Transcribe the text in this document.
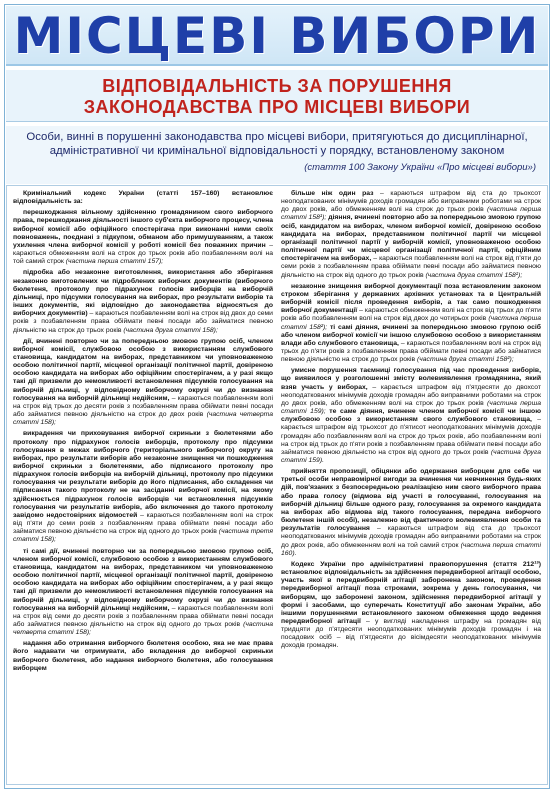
МІСЦЕВІ ВИБОРИ
ВІДПОВІДАЛЬНІСТЬ ЗА ПОРУШЕННЯ
ЗАКОНОДАВСТВА ПРО МІСЦЕВІ ВИБОРИ
Особи, винні в порушенні законодавства про місцеві вибори, притягуються до дисциплінарної, адміністративної чи кримінальної відповідальності у порядку, встановленому законом
(стаття 100 Закону України «Про місцеві вибори»)

Кримінальний кодекс України (статті 157–160) встановлює відповідальність за:

перешкоджання вільному здійсненню громадянином свого виборчого права, перешкоджання діяльності іншого суб'єкта виборчого процесу, члена виборчої комісії або офіційного спостерігача при виконанні ними своїх повноважень, поєднані з підкупом, обманом або примушуванням, а також ухилення члена виборчої комісії у роботі комісії без поважних причин – караються обмеженням волі на строк до трьох років або позбавленням волі на той самий строк (частина перша статті 157);

підробка або незаконне виготовлення, використання або зберігання незаконно виготовлених чи підроблених виборчих документів (виборчого бюлетеня, протоколу про підрахунок голосів виборців на виборчій дільниці, про підсумки голосування на виборах, про результати виборів та інших документів, які відповідно до законодавства відносяться до виборчих документів) – караються позбавленням волі на строк від двох до семи років з позбавленням права обіймати певні посади або займатися певною діяльністю на строк до трьох років (частина друга статті 158);

дії, вчинені повторно чи за попередньою змовою групою осіб, членом виборчої комісії, службовою особою з використанням службового становища, кандидатом на виборах, представником чи уповноваженою особою політичної партії, місцевої організації політичної партії, довіреною особою кандидата на виборах або офіційним спостерігачем, а у разі якщо такі дії призвели до неможливості встановлення підсумків голосування на виборчій дільниці, у відповідному виборчому окрузі чи до визнання голосування на виборчій дільниці недійсним, – караються позбавленням волі на строк від трьох до десяти років з позбавленням права обіймати певні посади або займатися певною діяльністю на строк до двох років (частина четверта статті 158);

викрадення чи приховування виборчої скриньки з бюлетенями або протоколу про підрахунок голосів виборців, протоколу про підсумки голосування в межах виборчого (територіального виборчого) округу на виборах, про результати виборів або незаконне знищення чи пошкодження виборчої скриньки з бюлетенями, або підписаного протоколу про підрахунок голосів виборців на виборчій дільниці, протоколу про підсумки голосування чи результати виборів до його підписання, або складення чи підписання такого протоколу не на засіданні виборчої комісії, на якому здійснюється підрахунок голосів виборців чи встановлення підсумків голосування чи результатів виборів, або включення до такого протоколу завідомо недостовірних відомостей – караються позбавленням волі на строк від п'яти до семи років з позбавленням права обіймати певні посади або займатися певною діяльністю на строк від одного до трьох років (частина третя статті 158);

ті самі дії, вчинені повторно чи за попередньою змовою групою осіб, членом виборчої комісії, службовою особою з використанням службового становища, кандидатом на виборах, представником чи уповноваженою особою політичної партії, місцевої організації політичної партії, довіреною особою кандидата на виборах або офіційним спостерігачем, а у разі якщо такі дії призвели до неможливості встановлення підсумків голосування на виборчій дільниці, у відповідному виборчому окрузі чи до визнання голосування на виборчій дільниці недійсним, – караються позбавленням волі на строк від семи до десяти років з позбавленням права обіймати певні посади або займатися певною діяльністю на строк від одного до трьох років (частина четверта статті 158);

надання або отримання виборчого бюлетеня особою, яка не має права його надавати чи отримувати, або вкладення до виборчої скриньки виборчого бюлетеня, або надання виборчого бюлетеня, або голосування виборцем

більше ніж один раз – караються штрафом від ста до трьохсот неоподаткованих мінімумів доходів громадян або виправними роботами на строк до двох років, або обмеженням волі на строк до трьох років (частина перша статті 158¹); діяння, вчинені повторно або за попередньою змовою групою осіб, кандидатом на виборах, членом виборчої комісії, довіреною особою кандидата на виборах, представником політичної партії чи місцевої організації політичної партії у виборчій комісії, уповноваженою особою політичної партії чи місцевої організації політичної партії, офіційним спостерігачем на виборах, – караються позбавленням волі на строк від п'яти до семи років з позбавленням права обіймати певні посади або займатися певною діяльністю на строк від одного до трьох років (частина друга статті 158¹);

незаконне знищення виборчої документації поза встановленим законом строком зберігання у державних архівних установах та в Центральній виборчій комісії після проведення виборів, а так само пошкодження виборчої документації – караються обмеженням волі на строк від трьох до п'яти років або позбавленням волі на строк від двох до чотирьох років (частина перша статті 158²); ті самі діяння, вчинені за попередньою змовою групою осіб або членом виборчої комісії чи іншою службовою особою з використанням влади або службового становища, – караються позбавленням волі на строк від трьох до п'яти років з позбавленням права обіймати певні посади або займатися певною діяльністю на строк до трьох років (частина друга статті 158²);

умисне порушення таємниці голосування під час проведення виборів, що виявилося у розголошенні змісту волевиявлення громадянина, який взяв участь у виборах, – карається штрафом від п'ятдесяти до двохсот неоподаткованих мінімумів доходів громадян або виправними роботами на строк до двох років, або обмеженням волі на строк до трьох років (частина перша статті 159); те саме діяння, вчинене членом виборчої комісії чи іншою службовою особою з використанням свого службового становища, – карається штрафом від трьохсот до п'ятисот неоподаткованих мінімумів доходів громадян або позбавленням волі на строк до трьох років, або позбавленням волі на строк від трьох до п'яти років з позбавленням права обіймати певні посади або займатися певною діяльністю на строк від одного до трьох років (частина друга статті 159).

прийняття пропозиції, обіцянки або одержання виборцем для себе чи третьої особи неправомірної вигоди за вчинення чи невчинення будь-яких дій, пов'язаних з безпосередньою реалізацією ним свого виборчого права або права голосу (відмова від участі в голосуванні, голосування на виборчій дільниці більше одного разу, голосування за окремого кандидата на виборах або відмова від такого голосування, передача виборчого бюлетеня іншій особі), незалежно від фактичного волевиявлення особи та результатів голосування – караються штрафом від ста до трьохсот неоподаткованих мінімумів доходів громадян або виправними роботами на строк до двох років, або обмеженням волі на той самий строк (частина перша статті 160).

Кодекс України про адміністративні правопорушення (стаття 212¹³) встановлює відповідальність за здійснення передвиборної агітації особою, участь якої в передвиборній агітації заборонена законом, проведення передвиборної агітації поза строками, зокрема у день голосування, чи виборцям, що заборонені законом, здійснення передвиборної агітації у формі і засобами, що суперечать Конституції або законам України, або іншими порушеннями встановленого законом обмеження щодо ведення передвиборної агітації – у вигляді накладення штрафу на громадян від тридцяти до п'ятдесяти неоподаткованих мінімумів доходів громадян і на посадових осіб – від п'ятдесяти до вісімдесяти неоподаткованих мінімумів доходів громадян.
